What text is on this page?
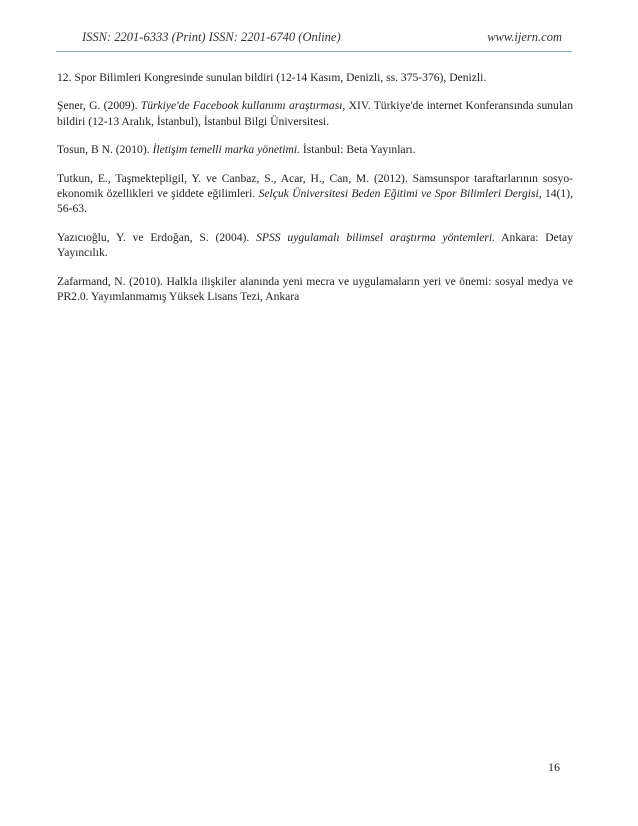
ISSN: 2201-6333 (Print) ISSN: 2201-6740 (Online)	www.ijern.com

12. Spor Bilimleri Kongresinde sunulan bildiri (12-14 Kasım, Denizli, ss. 375-376), Denizli.

Şener, G. (2009). Türkiye'de Facebook kullanımı araştırması, XIV. Türkiye'de internet Konferansında sunulan bildiri (12-13 Aralık, İstanbul), İstanbul Bilgi Üniversitesi.

Tosun, B N. (2010). İletişim temelli marka yönetimi. İstanbul: Beta Yayınları.

Tutkun, E., Taşmektepligil, Y. ve Canbaz, S., Acar, H., Can, M. (2012). Samsunspor taraftarlarının sosyo-ekonomik özellikleri ve şiddete eğilimleri. Selçuk Üniversitesi Beden Eğitimi ve Spor Bilimleri Dergisi, 14(1), 56-63.

Yazıcıoğlu, Y. ve Erdoğan, S. (2004). SPSS uygulamalı bilimsel araştırma yöntemleri. Ankara: Detay Yayıncılık.

Zafarmand, N. (2010). Halkla ilişkiler alanında yeni mecra ve uygulamaların yeri ve önemi: sosyal medya ve PR2.0. Yayımlanmamış Yüksek Lisans Tezi, Ankara

16
